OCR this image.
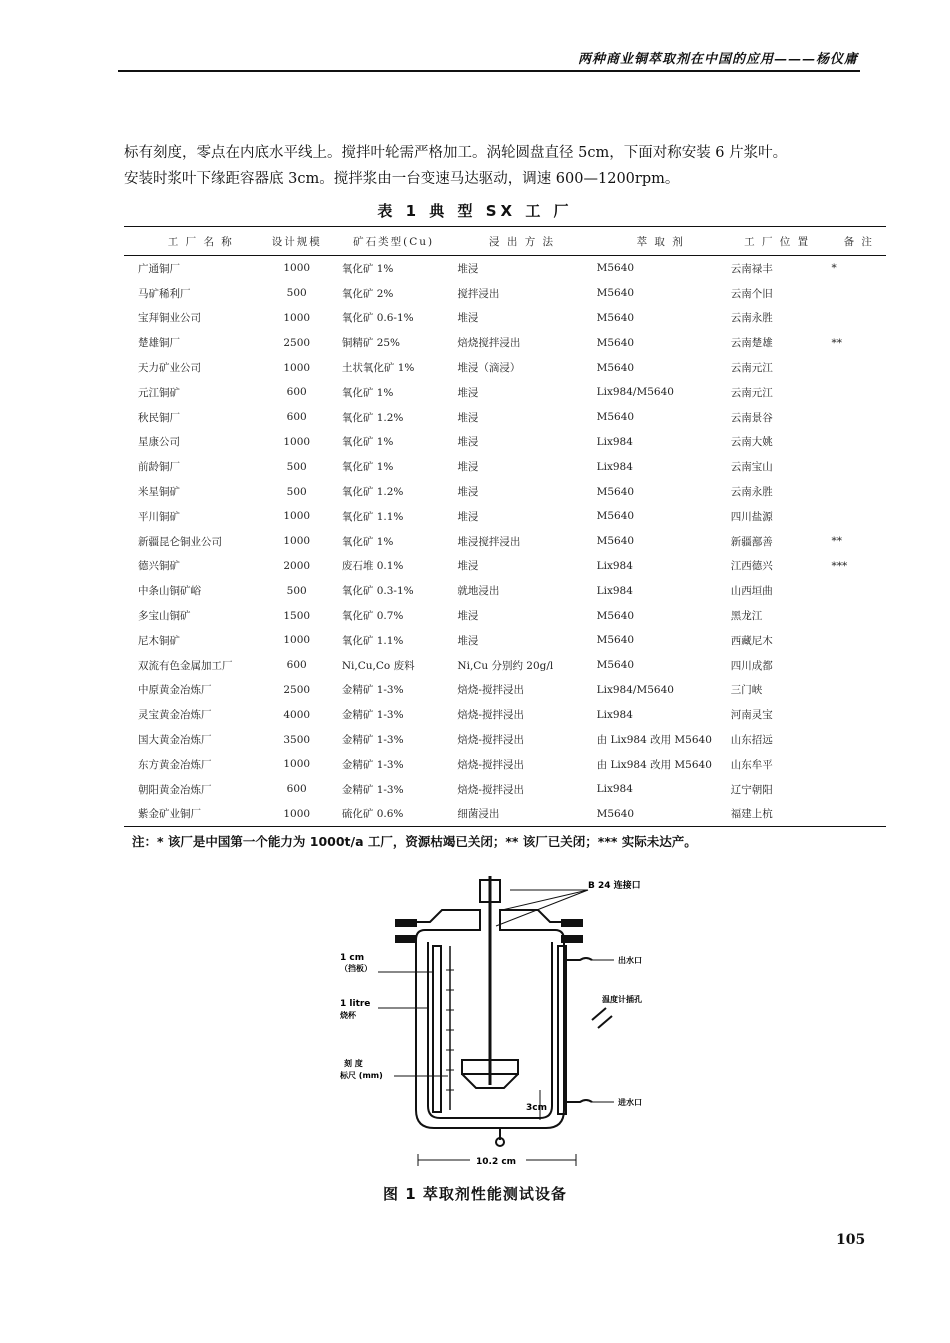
两种商业铜萃取剂在中国的应用———杨仪庸
标有刻度，零点在内底水平线上。搅拌叶轮需严格加工。涡轮圆盘直径 5cm，下面对称安装 6 片浆叶。
安装时浆叶下缘距容器底 3cm。搅拌浆由一台变速马达驱动，调速 600—1200rpm。
表 1 典 型 SX 工 厂
工 厂 名 称	设计规模	矿石类型(Cu)	浸 出 方 法	萃 取 剂	工 厂 位 置	备 注
广通铜厂	1000	氧化矿 1%	堆浸	M5640	云南禄丰	*
马矿稀利厂	500	氧化矿 2%	搅拌浸出	M5640	云南个旧	
宝拜铜业公司	1000	氧化矿 0.6-1%	堆浸	M5640	云南永胜	
楚雄铜厂	2500	铜精矿 25%	焙烧搅拌浸出	M5640	云南楚雄	**
天力矿业公司	1000	土状氧化矿 1%	堆浸（滴浸）	M5640	云南元江	
元江铜矿	600	氧化矿 1%	堆浸	Lix984/M5640	云南元江	
秋民铜厂	600	氧化矿 1.2%	堆浸	M5640	云南景谷	
星康公司	1000	氧化矿 1%	堆浸	Lix984	云南大姚	
前龄铜厂	500	氧化矿 1%	堆浸	Lix984	云南宝山	
米星铜矿	500	氧化矿 1.2%	堆浸	M5640	云南永胜	
平川铜矿	1000	氧化矿 1.1%	堆浸	M5640	四川盐源	
新疆昆仑铜业公司	1000	氧化矿 1%	堆浸搅拌浸出	M5640	新疆鄯善	**
德兴铜矿	2000	废石堆 0.1%	堆浸	Lix984	江西德兴	***
中条山铜矿峪	500	氧化矿 0.3-1%	就地浸出	Lix984	山西垣曲	
多宝山铜矿	1500	氧化矿 0.7%	堆浸	M5640	黑龙江	
尼木铜矿	1000	氧化矿 1.1%	堆浸	M5640	西藏尼木	
双流有色金属加工厂	600	Ni,Cu,Co 废料	Ni,Cu 分别约 20g/l	M5640	四川成都	
中原黄金冶炼厂	2500	金精矿 1-3%	焙烧-搅拌浸出	Lix984/M5640	三门峡	
灵宝黄金冶炼厂	4000	金精矿 1-3%	焙烧-搅拌浸出	Lix984	河南灵宝	
国大黄金冶炼厂	3500	金精矿 1-3%	焙烧-搅拌浸出	由 Lix984 改用 M5640	山东招远	
东方黄金冶炼厂	1000	金精矿 1-3%	焙烧-搅拌浸出	由 Lix984 改用 M5640	山东牟平	
朝阳黄金冶炼厂	600	金精矿 1-3%	焙烧-搅拌浸出	Lix984	辽宁朝阳	
紫金矿业铜厂	1000	硫化矿 0.6%	细菌浸出	M5640	福建上杭	
注：* 该厂是中国第一个能力为 1000t/a 工厂，资源枯竭已关闭；** 该厂已关闭；*** 实际未达产。
B 24 连接口
1 cm
（挡板）
1 litre
烧杯
刻 度
标尺 (mm)
出水口
温度计插孔
进水口
3cm
10.2 cm
图 1 萃取剂性能测试设备
105
